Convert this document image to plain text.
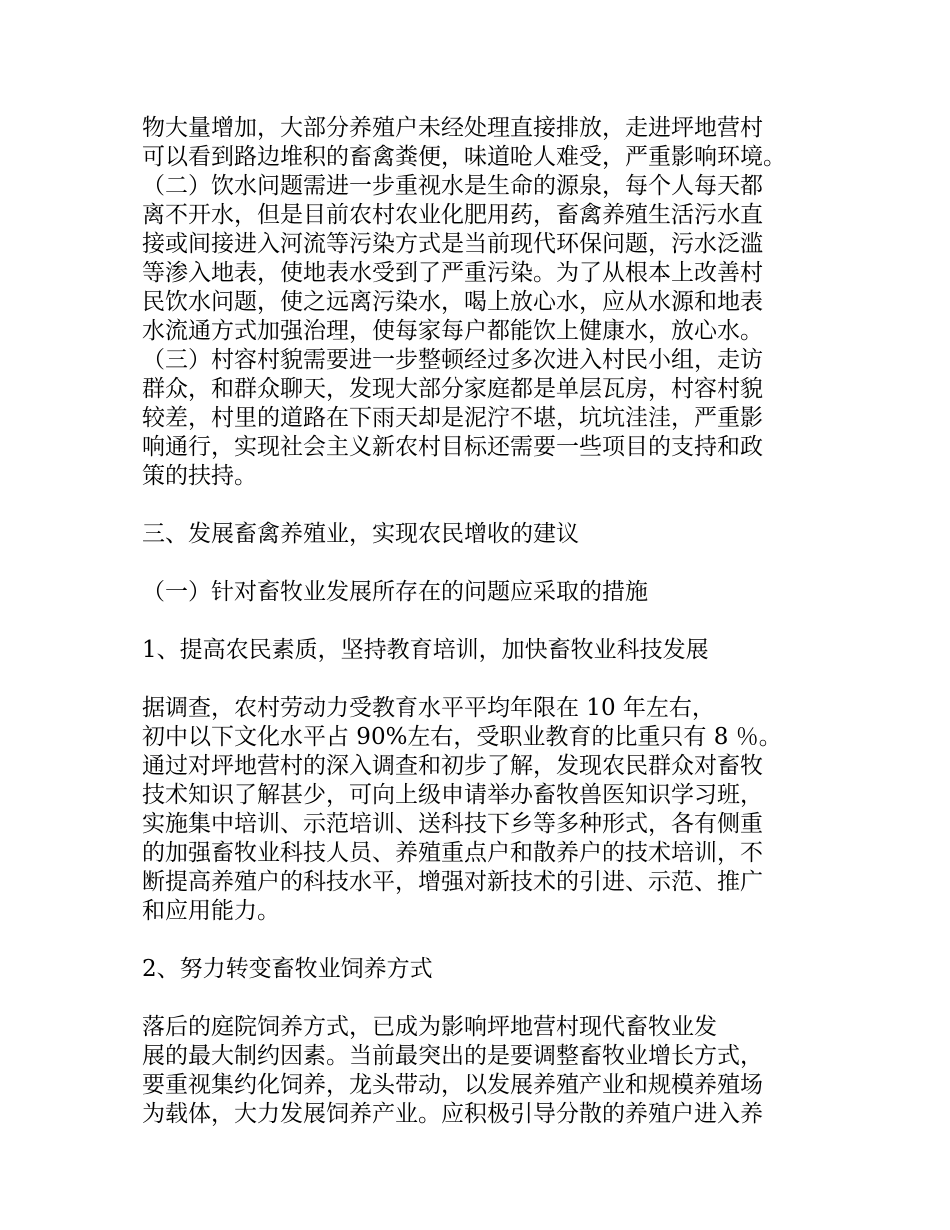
物大量增加，大部分养殖户未经处理直接排放，走进坪地营村
可以看到路边堆积的畜禽粪便，味道呛人难受，严重影响环境。
（二）饮水问题需进一步重视水是生命的源泉，每个人每天都
离不开水，但是目前农村农业化肥用药，畜禽养殖生活污水直
接或间接进入河流等污染方式是当前现代环保问题，污水泛滥
等渗入地表，使地表水受到了严重污染。为了从根本上改善村
民饮水问题，使之远离污染水，喝上放心水，应从水源和地表
水流通方式加强治理，使每家每户都能饮上健康水，放心水。
（三）村容村貌需要进一步整顿经过多次进入村民小组，走访
群众，和群众聊天，发现大部分家庭都是单层瓦房，村容村貌
较差，村里的道路在下雨天却是泥泞不堪，坑坑洼洼，严重影
响通行，实现社会主义新农村目标还需要一些项目的支持和政
策的扶持。
三、发展畜禽养殖业，实现农民增收的建议
（一）针对畜牧业发展所存在的问题应采取的措施
1、提高农民素质，坚持教育培训，加快畜牧业科技发展
据调查，农村劳动力受教育水平平均年限在 10 年左右，
初中以下文化水平占 90%左右，受职业教育的比重只有 8 ％。
通过对坪地营村的深入调查和初步了解，发现农民群众对畜牧
技术知识了解甚少，可向上级申请举办畜牧兽医知识学习班，
实施集中培训、示范培训、送科技下乡等多种形式，各有侧重
的加强畜牧业科技人员、养殖重点户和散养户的技术培训，不
断提高养殖户的科技水平，增强对新技术的引进、示范、推广
和应用能力。
2、努力转变畜牧业饲养方式
落后的庭院饲养方式，已成为影响坪地营村现代畜牧业发
展的最大制约因素。当前最突出的是要调整畜牧业增长方式，
要重视集约化饲养，龙头带动，以发展养殖产业和规模养殖场
为载体，大力发展饲养产业。应积极引导分散的养殖户进入养
